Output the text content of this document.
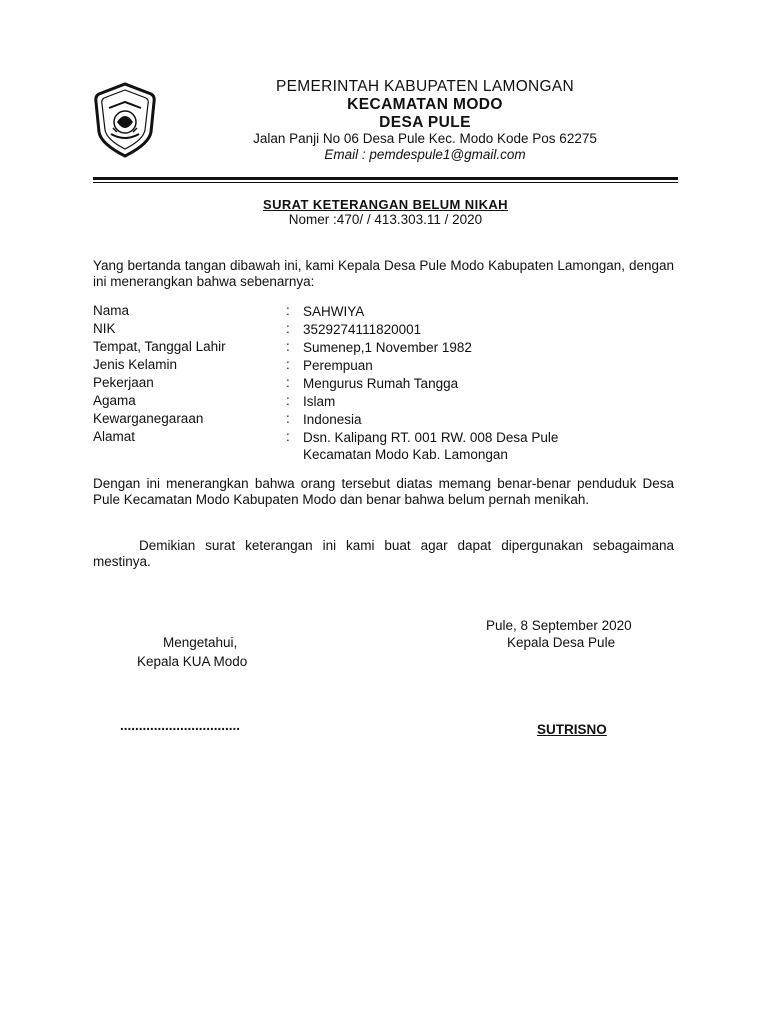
PEMERINTAH KABUPATEN LAMONGAN
KECAMATAN MODO
DESA PULE
Jalan Panji No 06 Desa Pule Kec. Modo Kode Pos 62275
Email : pemdespule1@gmail.com
SURAT KETERANGAN BELUM NIKAH
Nomer :470/ / 413.303.11 / 2020
Yang bertanda tangan dibawah ini, kami Kepala Desa Pule Modo Kabupaten Lamongan, dengan ini menerangkan bahwa sebenarnya:
Nama	: SAHWIYA
NIK	: 3529274111820001
Tempat, Tanggal Lahir	: Sumenep,1 November 1982
Jenis Kelamin	: Perempuan
Pekerjaan	: Mengurus Rumah Tangga
Agama	: Islam
Kewarganegaraan	: Indonesia
Alamat	: Dsn. Kalipang RT. 001 RW. 008 Desa Pule
Kecamatan Modo Kab. Lamongan
Dengan ini menerangkan bahwa orang tersebut diatas memang benar-benar penduduk Desa Pule Kecamatan Modo Kabupaten Modo dan benar bahwa belum pernah menikah.
Demikian surat keterangan ini kami buat agar dapat dipergunakan sebagaimana mestinya.
Pule, 8 September 2020
Kepala Desa Pule
Mengetahui,
Kepala KUA Modo
................................	SUTRISNO
